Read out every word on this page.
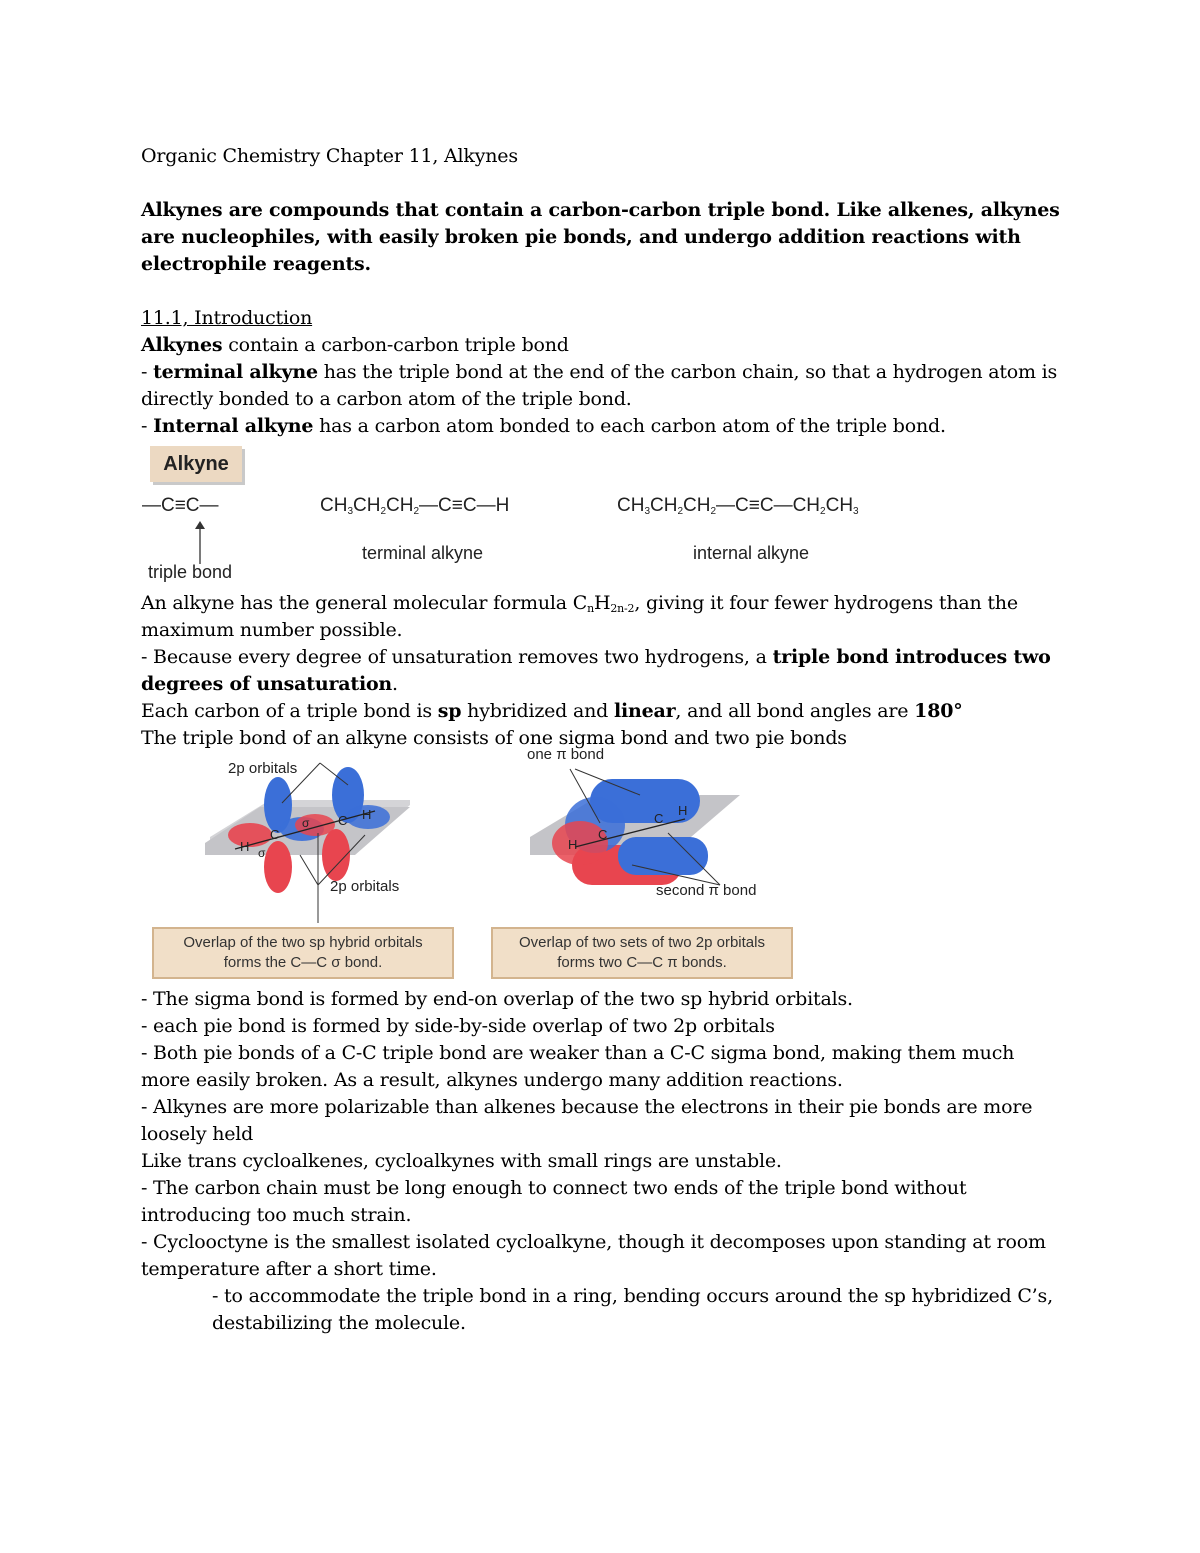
Organic Chemistry Chapter 11, Alkynes
Alkynes are compounds that contain a carbon-carbon triple bond. Like alkenes, alkynes
are nucleophiles, with easily broken pie bonds, and undergo addition reactions with
electrophile reagents.
11.1, Introduction
Alkynes contain a carbon-carbon triple bond
- terminal alkyne has the triple bond at the end of the carbon chain, so that a hydrogen atom is
directly bonded to a carbon atom of the triple bond.
- Internal alkyne has a carbon atom bonded to each carbon atom of the triple bond.
Alkyne
—C≡C—
triple bond
CH3CH2CH2—C≡C—H
terminal alkyne
CH3CH2CH2—C≡C—CH2CH3
internal alkyne
An alkyne has the general molecular formula $C_nH_{2n-2}$, giving it four fewer hydrogens than the
maximum number possible.
- Because every degree of unsaturation removes two hydrogens, a triple bond introduces two
degrees of unsaturation.
Each carbon of a triple bond is sp hybridized and linear, and all bond angles are 180°
The triple bond of an alkyne consists of one sigma bond and two pie bonds
H
C
C H
σ
σ
2p orbitals
2p orbitals
Overlap of the two sp hybrid orbitals
forms the C—C σ bond.
H
C
C
H
one π bond
second π bond
Overlap of two sets of two 2p orbitals
forms two C—C π bonds.
- The sigma bond is formed by end-on overlap of the two sp hybrid orbitals.
- each pie bond is formed by side-by-side overlap of two 2p orbitals
- Both pie bonds of a C-C triple bond are weaker than a C-C sigma bond, making them much
more easily broken. As a result, alkynes undergo many addition reactions.
- Alkynes are more polarizable than alkenes because the electrons in their pie bonds are more
loosely held
Like trans cycloalkenes, cycloalkynes with small rings are unstable.
- The carbon chain must be long enough to connect two ends of the triple bond without
introducing too much strain.
- Cyclooctyne is the smallest isolated cycloalkyne, though it decomposes upon standing at room
temperature after a short time.
- to accommodate the triple bond in a ring, bending occurs around the sp hybridized C’s,
destabilizing the molecule.
